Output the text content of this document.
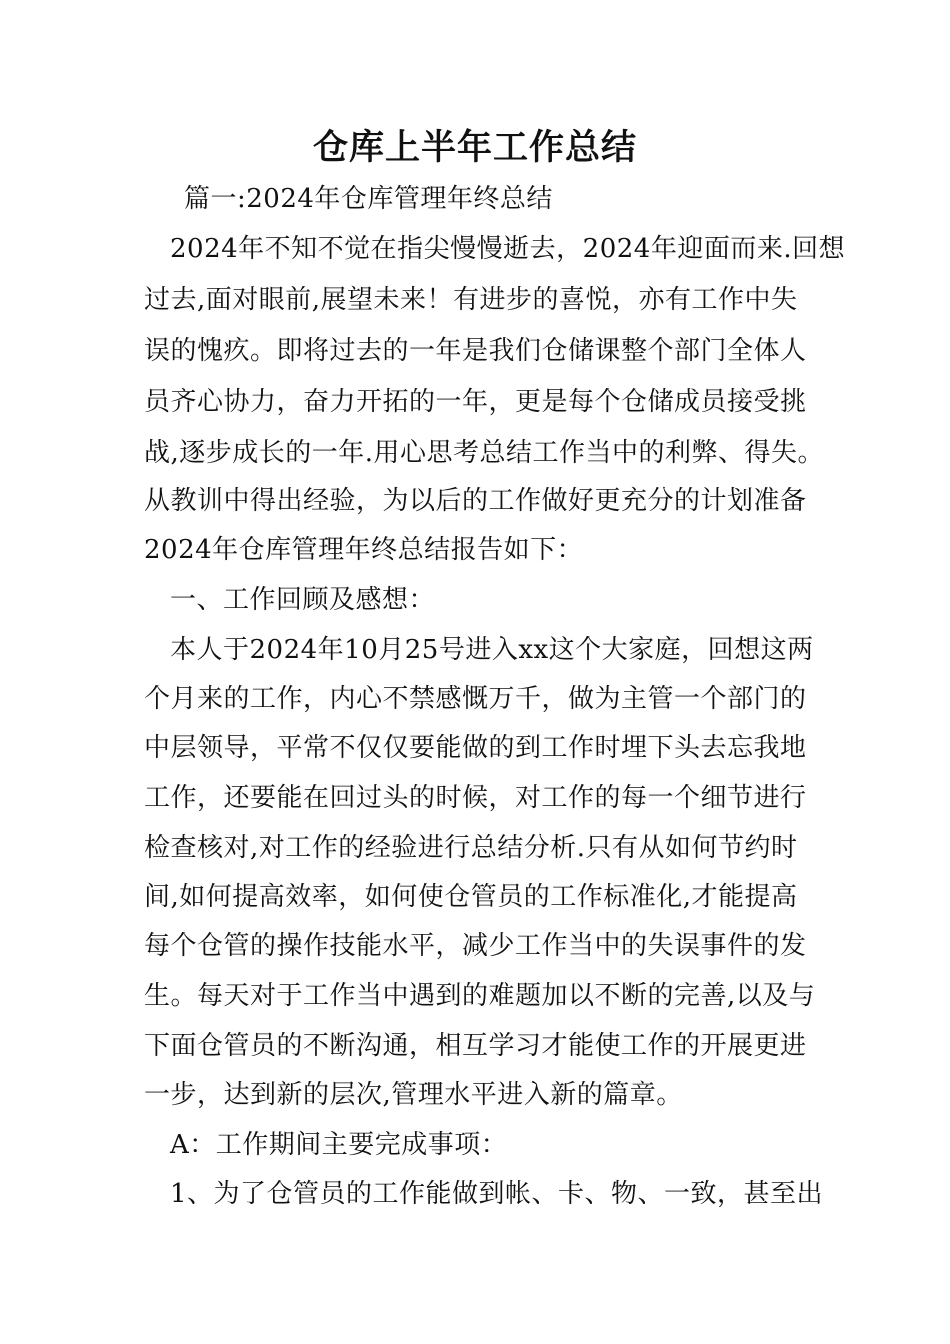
仓库上半年工作总结
篇一:2024年仓库管理年终总结
2024年不知不觉在指尖慢慢逝去，2024年迎面而来.回想
过去,面对眼前,展望未来！有进步的喜悦，亦有工作中失
误的愧疚。即将过去的一年是我们仓储课整个部门全体人
员齐心协力，奋力开拓的一年，更是每个仓储成员接受挑
战,逐步成长的一年.用心思考总结工作当中的利弊、得失。
从教训中得出经验，为以后的工作做好更充分的计划准备
2024年仓库管理年终总结报告如下：
一、工作回顾及感想：
本人于2024年10月25号进入xx这个大家庭，回想这两
个月来的工作，内心不禁感慨万千，做为主管一个部门的
中层领导，平常不仅仅要能做的到工作时埋下头去忘我地
工作，还要能在回过头的时候，对工作的每一个细节进行
检查核对,对工作的经验进行总结分析.只有从如何节约时
间,如何提高效率，如何使仓管员的工作标准化,才能提高
每个仓管的操作技能水平，减少工作当中的失误事件的发
生。每天对于工作当中遇到的难题加以不断的完善,以及与
下面仓管员的不断沟通，相互学习才能使工作的开展更进
一步，达到新的层次,管理水平进入新的篇章。
A：工作期间主要完成事项：
1、为了仓管员的工作能做到帐、卡、物、一致，甚至出
